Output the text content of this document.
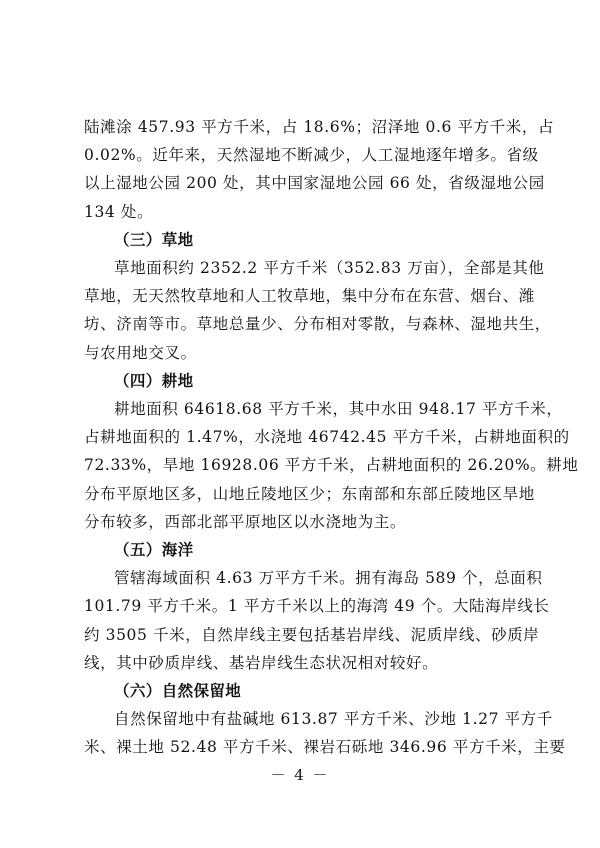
陆滩涂 457.93 平方千米，占 18.6%；沼泽地 0.6 平方千米，占
0.02%。近年来，天然湿地不断减少，人工湿地逐年增多。省级
以上湿地公园 200 处，其中国家湿地公园 66 处，省级湿地公园
134 处。
（三）草地
草地面积约 2352.2 平方千米（352.83 万亩），全部是其他
草地，无天然牧草地和人工牧草地，集中分布在东营、烟台、潍
坊、济南等市。草地总量少、分布相对零散，与森林、湿地共生，
与农用地交叉。
（四）耕地
耕地面积 64618.68 平方千米，其中水田 948.17 平方千米，
占耕地面积的 1.47%，水浇地 46742.45 平方千米，占耕地面积的
72.33%，旱地 16928.06 平方千米，占耕地面积的 26.20%。耕地
分布平原地区多，山地丘陵地区少；东南部和东部丘陵地区旱地
分布较多，西部北部平原地区以水浇地为主。
（五）海洋
管辖海域面积 4.63 万平方千米。拥有海岛 589 个，总面积
101.79 平方千米。1 平方千米以上的海湾 49 个。大陆海岸线长
约 3505 千米，自然岸线主要包括基岩岸线、泥质岸线、砂质岸
线，其中砂质岸线、基岩岸线生态状况相对较好。
（六）自然保留地
自然保留地中有盐碱地 613.87 平方千米、沙地 1.27 平方千
米、裸土地 52.48 平方千米、裸岩石砾地 346.96 平方千米，主要
－ 4 －
